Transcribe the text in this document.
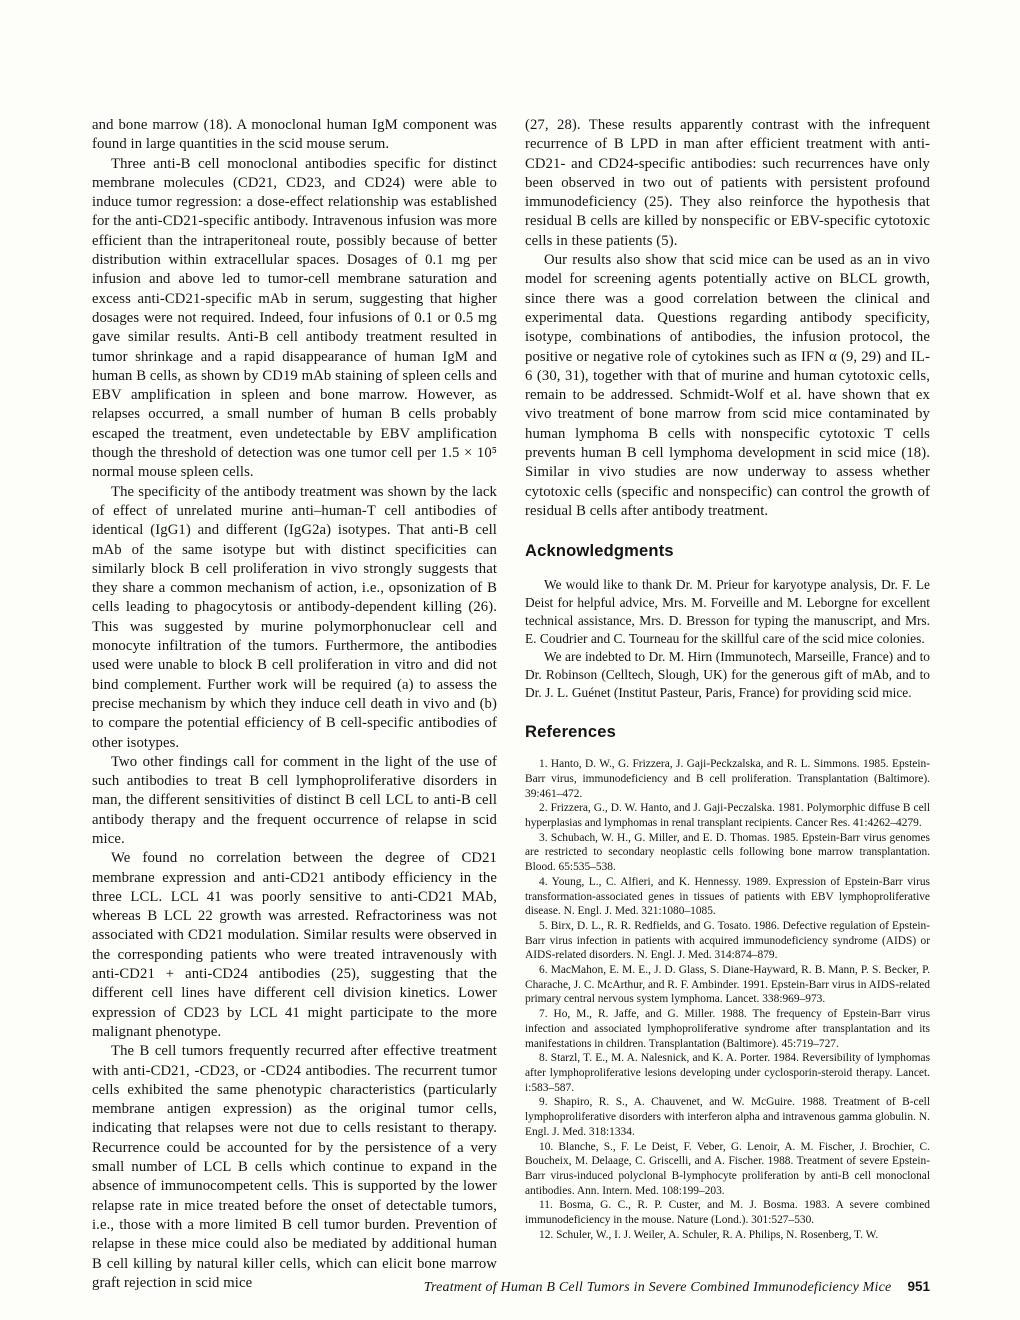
and bone marrow (18). A monoclonal human IgM component was found in large quantities in the scid mouse serum.

Three anti-B cell monoclonal antibodies specific for distinct membrane molecules (CD21, CD23, and CD24) were able to induce tumor regression: a dose-effect relationship was established for the anti-CD21-specific antibody. Intravenous infusion was more efficient than the intraperitoneal route, possibly because of better distribution within extracellular spaces. Dosages of 0.1 mg per infusion and above led to tumor-cell membrane saturation and excess anti-CD21-specific mAb in serum, suggesting that higher dosages were not required. Indeed, four infusions of 0.1 or 0.5 mg gave similar results. Anti-B cell antibody treatment resulted in tumor shrinkage and a rapid disappearance of human IgM and human B cells, as shown by CD19 mAb staining of spleen cells and EBV amplification in spleen and bone marrow. However, as relapses occurred, a small number of human B cells probably escaped the treatment, even undetectable by EBV amplification though the threshold of detection was one tumor cell per 1.5 × 10⁵ normal mouse spleen cells.

The specificity of the antibody treatment was shown by the lack of effect of unrelated murine anti–human-T cell antibodies of identical (IgG1) and different (IgG2a) isotypes. That anti-B cell mAb of the same isotype but with distinct specificities can similarly block B cell proliferation in vivo strongly suggests that they share a common mechanism of action, i.e., opsonization of B cells leading to phagocytosis or antibody-dependent killing (26). This was suggested by murine polymorphonuclear cell and monocyte infiltration of the tumors. Furthermore, the antibodies used were unable to block B cell proliferation in vitro and did not bind complement. Further work will be required (a) to assess the precise mechanism by which they induce cell death in vivo and (b) to compare the potential efficiency of B cell-specific antibodies of other isotypes.

Two other findings call for comment in the light of the use of such antibodies to treat B cell lymphoproliferative disorders in man, the different sensitivities of distinct B cell LCL to anti-B cell antibody therapy and the frequent occurrence of relapse in scid mice.

We found no correlation between the degree of CD21 membrane expression and anti-CD21 antibody efficiency in the three LCL. LCL 41 was poorly sensitive to anti-CD21 MAb, whereas B LCL 22 growth was arrested. Refractoriness was not associated with CD21 modulation. Similar results were observed in the corresponding patients who were treated intravenously with anti-CD21 + anti-CD24 antibodies (25), suggesting that the different cell lines have different cell division kinetics. Lower expression of CD23 by LCL 41 might participate to the more malignant phenotype.

The B cell tumors frequently recurred after effective treatment with anti-CD21, -CD23, or -CD24 antibodies. The recurrent tumor cells exhibited the same phenotypic characteristics (particularly membrane antigen expression) as the original tumor cells, indicating that relapses were not due to cells resistant to therapy. Recurrence could be accounted for by the persistence of a very small number of LCL B cells which continue to expand in the absence of immunocompetent cells. This is supported by the lower relapse rate in mice treated before the onset of detectable tumors, i.e., those with a more limited B cell tumor burden. Prevention of relapse in these mice could also be mediated by additional human B cell killing by natural killer cells, which can elicit bone marrow graft rejection in scid mice

(27, 28). These results apparently contrast with the infrequent recurrence of B LPD in man after efficient treatment with anti-CD21- and CD24-specific antibodies: such recurrences have only been observed in two out of patients with persistent profound immunodeficiency (25). They also reinforce the hypothesis that residual B cells are killed by nonspecific or EBV-specific cytotoxic cells in these patients (5).

Our results also show that scid mice can be used as an in vivo model for screening agents potentially active on BLCL growth, since there was a good correlation between the clinical and experimental data. Questions regarding antibody specificity, isotype, combinations of antibodies, the infusion protocol, the positive or negative role of cytokines such as IFN α (9, 29) and IL-6 (30, 31), together with that of murine and human cytotoxic cells, remain to be addressed. Schmidt-Wolf et al. have shown that ex vivo treatment of bone marrow from scid mice contaminated by human lymphoma B cells with nonspecific cytotoxic T cells prevents human B cell lymphoma development in scid mice (18). Similar in vivo studies are now underway to assess whether cytotoxic cells (specific and nonspecific) can control the growth of residual B cells after antibody treatment.

Acknowledgments

We would like to thank Dr. M. Prieur for karyotype analysis, Dr. F. Le Deist for helpful advice, Mrs. M. Forveille and M. Leborgne for excellent technical assistance, Mrs. D. Bresson for typing the manuscript, and Mrs. E. Coudrier and C. Tourneau for the skillful care of the scid mice colonies.

We are indebted to Dr. M. Hirn (Immunotech, Marseille, France) and to Dr. Robinson (Celltech, Slough, UK) for the generous gift of mAb, and to Dr. J. L. Guénet (Institut Pasteur, Paris, France) for providing scid mice.

References

1. Hanto, D. W., G. Frizzera, J. Gaji-Peckzalska, and R. L. Simmons. 1985. Epstein-Barr virus, immunodeficiency and B cell proliferation. Transplantation (Baltimore). 39:461–472.

2. Frizzera, G., D. W. Hanto, and J. Gaji-Peczalska. 1981. Polymorphic diffuse B cell hyperplasias and lymphomas in renal transplant recipients. Cancer Res. 41:4262–4279.

3. Schubach, W. H., G. Miller, and E. D. Thomas. 1985. Epstein-Barr virus genomes are restricted to secondary neoplastic cells following bone marrow transplantation. Blood. 65:535–538.

4. Young, L., C. Alfieri, and K. Hennessy. 1989. Expression of Epstein-Barr virus transformation-associated genes in tissues of patients with EBV lymphoproliferative disease. N. Engl. J. Med. 321:1080–1085.

5. Birx, D. L., R. R. Redfields, and G. Tosato. 1986. Defective regulation of Epstein-Barr virus infection in patients with acquired immunodeficiency syndrome (AIDS) or AIDS-related disorders. N. Engl. J. Med. 314:874–879.

6. MacMahon, E. M. E., J. D. Glass, S. Diane-Hayward, R. B. Mann, P. S. Becker, P. Charache, J. C. McArthur, and R. F. Ambinder. 1991. Epstein-Barr virus in AIDS-related primary central nervous system lymphoma. Lancet. 338:969–973.

7. Ho, M., R. Jaffe, and G. Miller. 1988. The frequency of Epstein-Barr virus infection and associated lymphoproliferative syndrome after transplantation and its manifestations in children. Transplantation (Baltimore). 45:719–727.

8. Starzl, T. E., M. A. Nalesnick, and K. A. Porter. 1984. Reversibility of lymphomas after lymphoproliferative lesions developing under cyclosporin-steroid therapy. Lancet. i:583–587.

9. Shapiro, R. S., A. Chauvenet, and W. McGuire. 1988. Treatment of B-cell lymphoproliferative disorders with interferon alpha and intravenous gamma globulin. N. Engl. J. Med. 318:1334.

10. Blanche, S., F. Le Deist, F. Veber, G. Lenoir, A. M. Fischer, J. Brochier, C. Boucheix, M. Delaage, C. Griscelli, and A. Fischer. 1988. Treatment of severe Epstein-Barr virus-induced polyclonal B-lymphocyte proliferation by anti-B cell monoclonal antibodies. Ann. Intern. Med. 108:199–203.

11. Bosma, G. C., R. P. Custer, and M. J. Bosma. 1983. A severe combined immunodeficiency in the mouse. Nature (Lond.). 301:527–530.

12. Schuler, W., I. J. Weiler, A. Schuler, R. A. Philips, N. Rosenberg, T. W.

Treatment of Human B Cell Tumors in Severe Combined Immunodeficiency Mice 951
